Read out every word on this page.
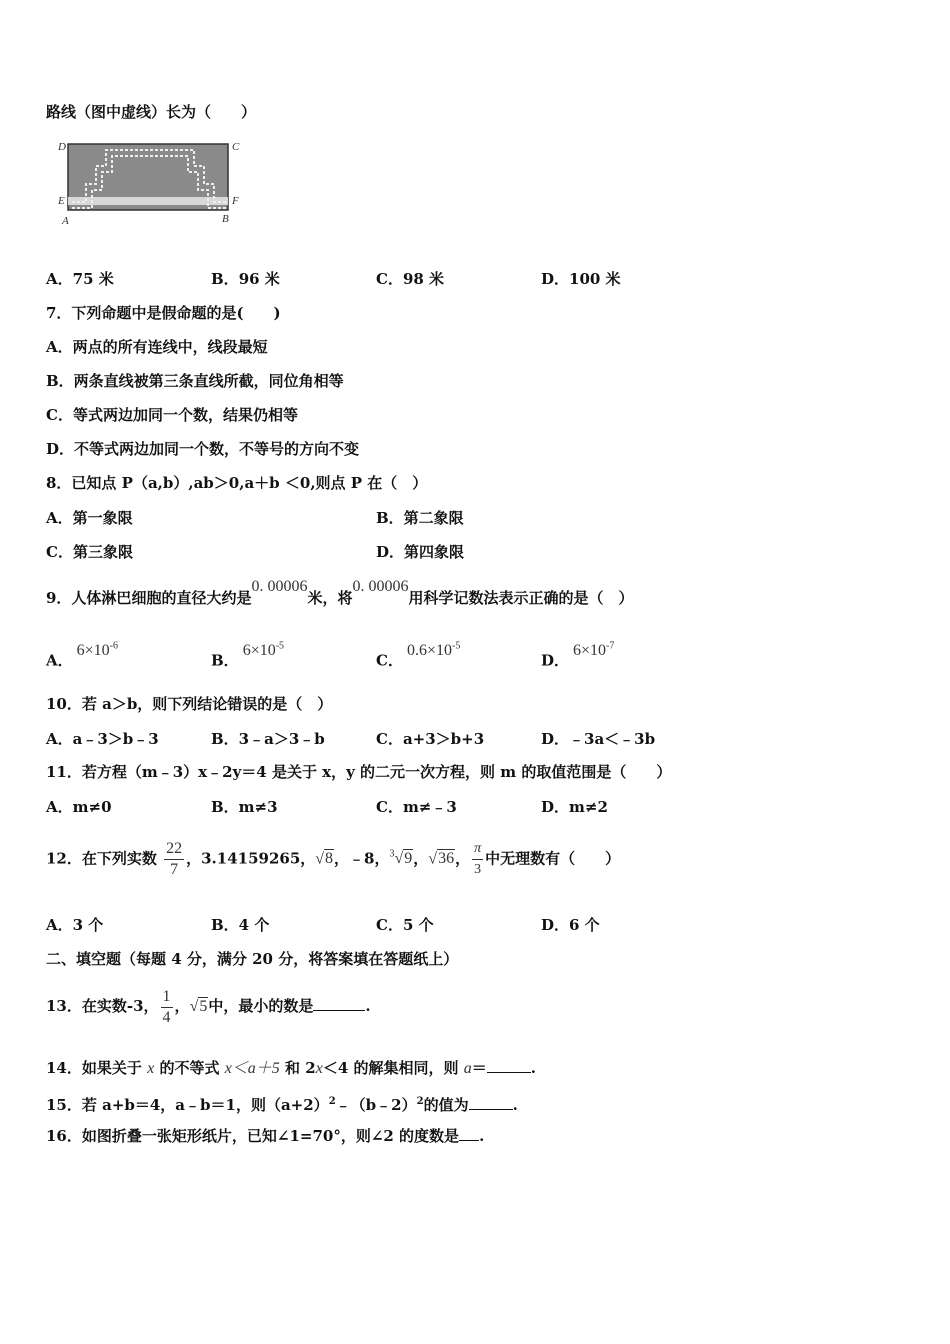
路线（图中虚线）长为（　　）
D	C
E	F
A	B
A．75 米	B．96 米	C．98 米	D．100 米
7．下列命题中是假命题的是(　　)
A．两点的所有连线中，线段最短
B．两条直线被第三条直线所截，同位角相等
C．等式两边加同一个数，结果仍相等
D．不等式两边加同一个数，不等号的方向不变
8．已知点 P（a,b）,ab＞0,a＋b ＜0,则点 P 在（　）
A．第一象限	B．第二象限
C．第三象限	D．第四象限
9．人体淋巴细胞的直径大约是0. 00006米，将0. 00006用科学记数法表示正确的是（　）
A．$6\times 10^{-6}$
B．$6\times 10^{-5}$
C．$0.6\times 10^{-5}$
D．$6\times 10^{-7}$
10．若 a＞b，则下列结论错误的是（　）
A．a﹣3＞b﹣3	B．3﹣a＞3﹣b	C．a+3＞b+3	D．﹣3a＜﹣3b
11．若方程（m﹣3）x﹣2y＝4 是关于 x，y 的二元一次方程，则 m 的取值范围是（　　）
A．m≠0	B．m≠3	C．m≠﹣3	D．m≠2
12．在下列实数 $\frac{22}{7}$ ，3.14159265，√8，﹣8，$^3$√9，√36， $\frac{\pi}{3}$ 中无理数有（　　）
A．3 个	B．4 个	C．5 个	D．6 个
二、填空题（每题 4 分，满分 20 分，将答案填在答题纸上）
13．在实数-3， $\frac{1}{4}$ ，√5中，最小的数是	.
14．如果关于 x 的不等式 x＜a＋5 和 2x＜4 的解集相同，则 a＝	.
15．若 a+b＝4，a﹣b＝1，则$(a+2)^2﹣(b﹣2)^2$的值为	.
16．如图折叠一张矩形纸片，已知∠1=70°，则∠2 的度数是 .
